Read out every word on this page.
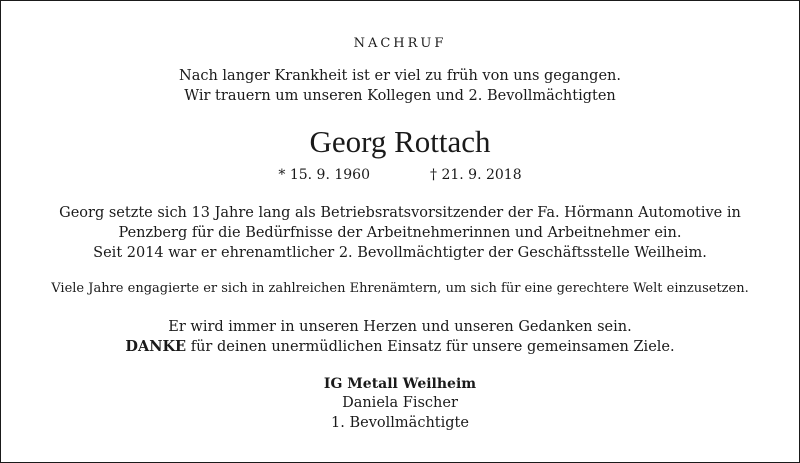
NACHRUF
Nach langer Krankheit ist er viel zu früh von uns gegangen.
Wir trauern um unseren Kollegen und 2. Bevollmächtigten
Georg Rottach
* 15. 9. 1960	† 21. 9. 2018
Georg setzte sich 13 Jahre lang als Betriebsratsvorsitzender der Fa. Hörmann Automotive in
Penzberg für die Bedürfnisse der Arbeitnehmerinnen und Arbeitnehmer ein.
Seit 2014 war er ehrenamtlicher 2. Bevollmächtigter der Geschäftsstelle Weilheim.
Viele Jahre engagierte er sich in zahlreichen Ehrenämtern, um sich für eine gerechtere Welt einzusetzen.
Er wird immer in unseren Herzen und unseren Gedanken sein.
DANKE für deinen unermüdlichen Einsatz für unsere gemeinsamen Ziele.
IG Metall Weilheim
Daniela Fischer
1. Bevollmächtigte
